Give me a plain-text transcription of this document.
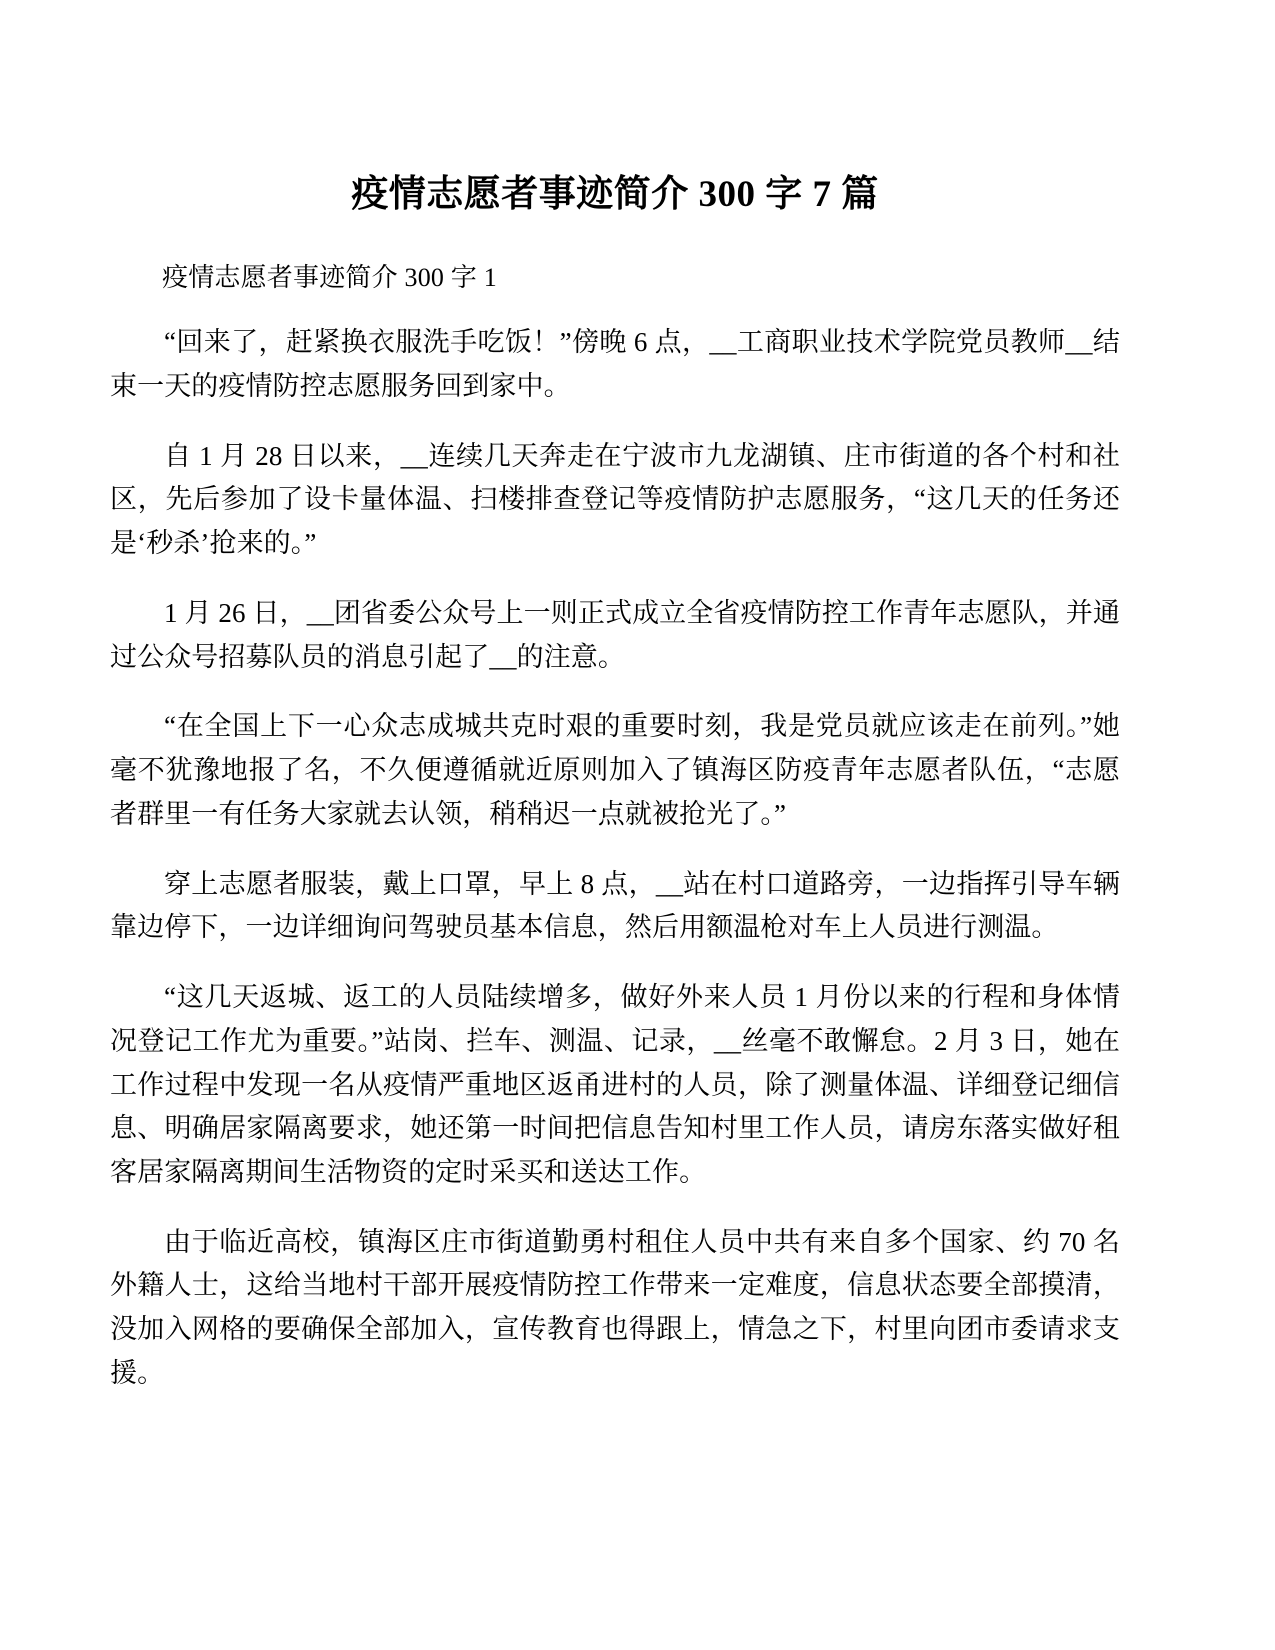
疫情志愿者事迹简介 300 字 7 篇
疫情志愿者事迹简介 300 字 1

“回来了，赶紧换衣服洗手吃饭！”傍晚 6 点，__工商职业技术学院党员教师__结束一天的疫情防控志愿服务回到家中。

自 1 月 28 日以来，__连续几天奔走在宁波市九龙湖镇、庄市街道的各个村和社区，先后参加了设卡量体温、扫楼排查登记等疫情防护志愿服务，“这几天的任务还是‘秒杀’抢来的。”

1 月 26 日，__团省委公众号上一则正式成立全省疫情防控工作青年志愿队，并通过公众号招募队员的消息引起了__的注意。

“在全国上下一心众志成城共克时艰的重要时刻，我是党员就应该走在前列。”她毫不犹豫地报了名，不久便遵循就近原则加入了镇海区防疫青年志愿者队伍，“志愿者群里一有任务大家就去认领，稍稍迟一点就被抢光了。”

穿上志愿者服装，戴上口罩，早上 8 点，__站在村口道路旁，一边指挥引导车辆靠边停下，一边详细询问驾驶员基本信息，然后用额温枪对车上人员进行测温。

“这几天返城、返工的人员陆续增多，做好外来人员 1 月份以来的行程和身体情况登记工作尤为重要。”站岗、拦车、测温、记录，__丝毫不敢懈怠。2 月 3 日，她在工作过程中发现一名从疫情严重地区返甬进村的人员，除了测量体温、详细登记细信息、明确居家隔离要求，她还第一时间把信息告知村里工作人员，请房东落实做好租客居家隔离期间生活物资的定时采买和送达工作。

由于临近高校，镇海区庄市街道勤勇村租住人员中共有来自多个国家、约 70 名外籍人士，这给当地村干部开展疫情防控工作带来一定难度，信息状态要全部摸清，没加入网格的要确保全部加入，宣传教育也得跟上，情急之下，村里向团市委请求支援。
